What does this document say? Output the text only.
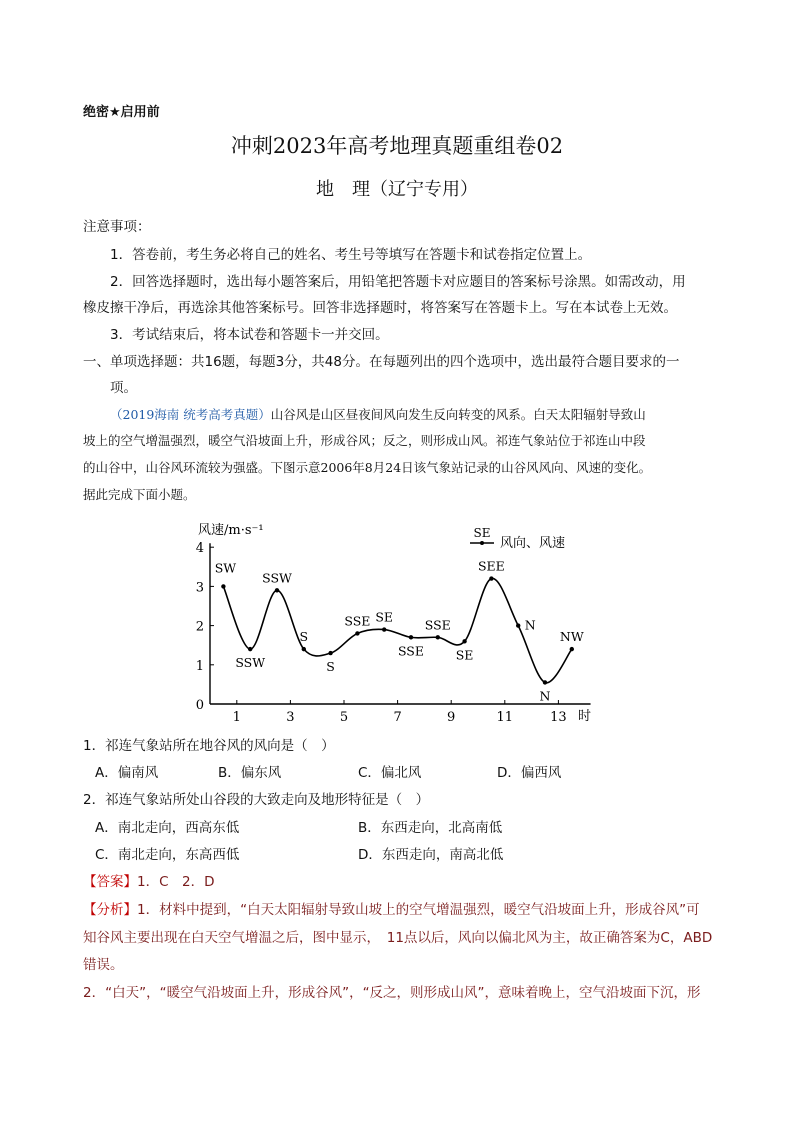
绝密★启用前
冲刺2023年高考地理真题重组卷02
地　理（辽宁专用）
注意事项：
1．答卷前，考生务必将自己的姓名、考生号等填写在答题卡和试卷指定位置上。
2．回答选择题时，选出每小题答案后，用铅笔把答题卡对应题目的答案标号涂黑。如需改动，用
橡皮擦干净后，再选涂其他答案标号。回答非选择题时，将答案写在答题卡上。写在本试卷上无效。
3．考试结束后，将本试卷和答题卡一并交回。
一、单项选择题：共16题，每题3分，共48分。在每题列出的四个选项中，选出最符合题目要求的一
项。
（2019海南 统考高考真题）山谷风是山区昼夜间风向发生反向转变的风系。白天太阳辐射导致山
坡上的空气增温强烈，暖空气沿坡面上升，形成谷风；反之，则形成山风。祁连气象站位于祁连山中段
的山谷中，山谷风环流较为强盛。下图示意2006年8月24日该气象站记录的山谷风风向、风速的变化。
据此完成下面小题。
0
1
2
3
4
1	3	5	7	9	11	13
SW
SSW
SSW
S
S
SSE SE
SSE
SSE
SE
SEE
N
N
NW
风速/m·s⁻¹
时
SE
风向、风速
1．祁连气象站所在地谷风的风向是（　）
A．偏南风	B．偏东风	C．偏北风	D．偏西风
2．祁连气象站所处山谷段的大致走向及地形特征是（　）
A．南北走向，西高东低	B．东西走向，北高南低
C．南北走向，东高西低	D．东西走向，南高北低
【答案】1．C　2．D
【分析】1．材料中提到，“白天太阳辐射导致山坡上的空气增温强烈，暖空气沿坡面上升，形成谷风”可
知谷风主要出现在白天空气增温之后，图中显示，　11点以后，风向以偏北风为主，故正确答案为C，ABD
错误。
2．“白天”，“暖空气沿坡面上升，形成谷风”，“反之，则形成山风”，意味着晚上，空气沿坡面下沉，形
